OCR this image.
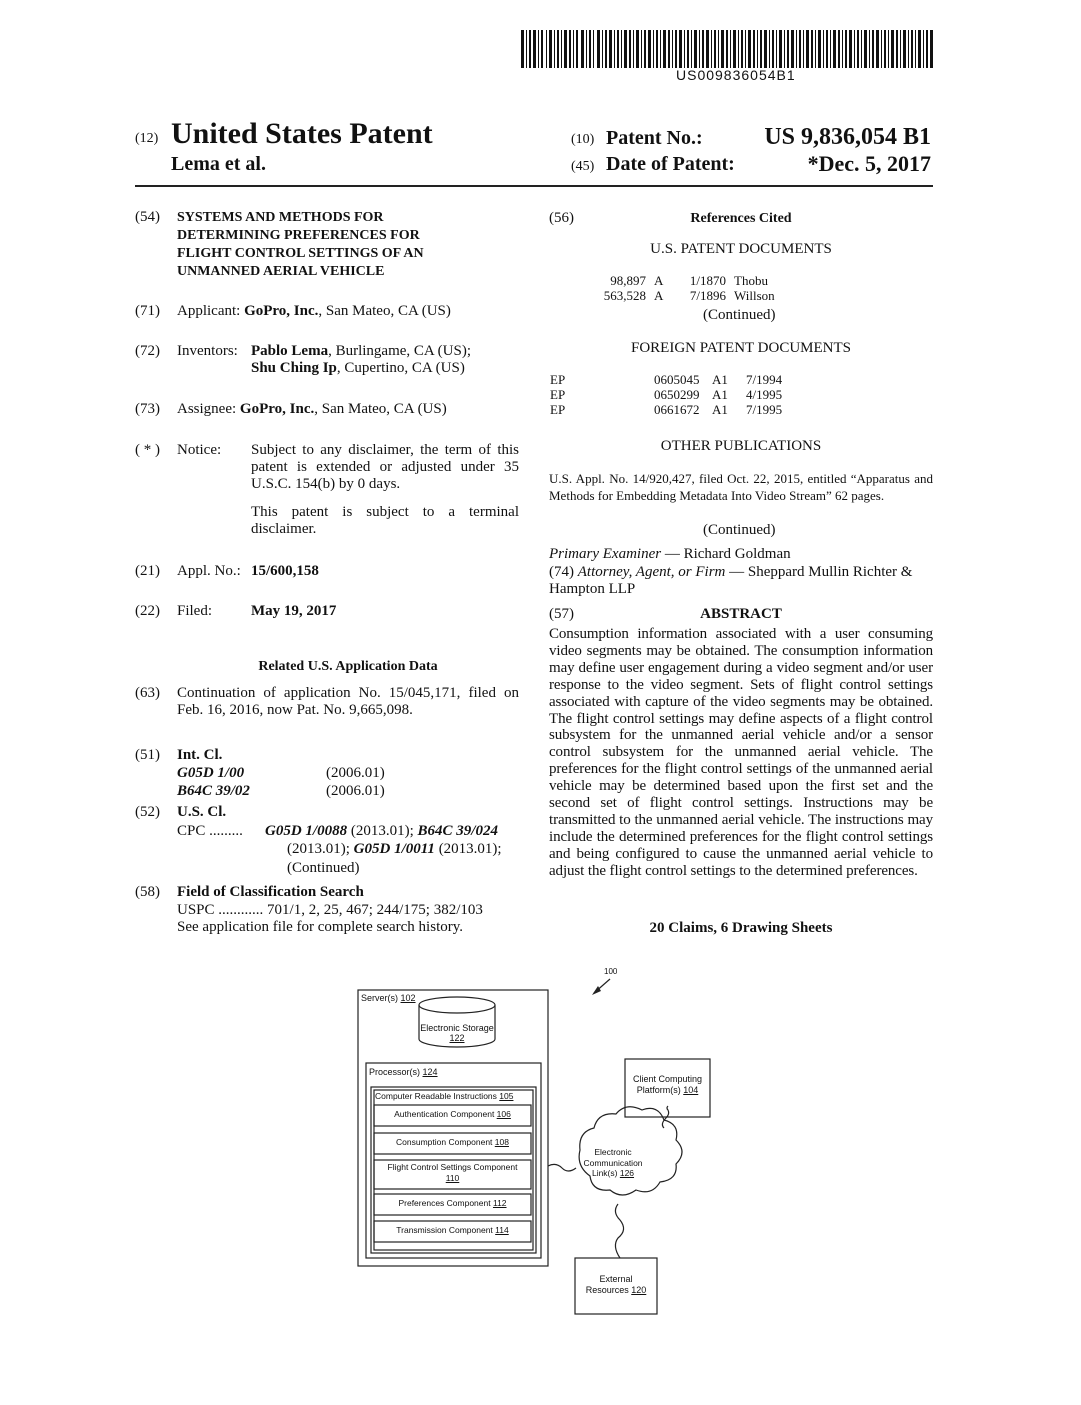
US009836054B1
(12) United States Patent
Lema et al.
(10) Patent No.:	US 9,836,054 B1
(45) Date of Patent:	*Dec. 5, 2017
(54) SYSTEMS AND METHODS FOR
DETERMINING PREFERENCES FOR
FLIGHT CONTROL SETTINGS OF AN
UNMANNED AERIAL VEHICLE
(71) Applicant: GoPro, Inc., San Mateo, CA (US)
(72) Inventors: Pablo Lema, Burlingame, CA (US);
Shu Ching Ip, Cupertino, CA (US)
(73) Assignee: GoPro, Inc., San Mateo, CA (US)
( * ) Notice: Subject to any disclaimer, the term of this patent is extended or adjusted under 35 U.S.C. 154(b) by 0 days.
This patent is subject to a terminal disclaimer.
(21) Appl. No.: 15/600,158
(22) Filed:	May 19, 2017
Related U.S. Application Data
(63) Continuation of application No. 15/045,171, filed on Feb. 16, 2016, now Pat. No. 9,665,098.
(51) Int. Cl.
G05D 1/00	(2006.01)
B64C 39/02	(2006.01)
(52) U.S. Cl.
CPC ......... G05D 1/0088 (2013.01); B64C 39/024
(2013.01); G05D 1/0011 (2013.01);
(Continued)
(58) Field of Classification Search
USPC ............ 701/1, 2, 25, 467; 244/175; 382/103
See application file for complete search history.
(56)	References Cited
U.S. PATENT DOCUMENTS
98,897	A	1/1870	Thobu
563,528	A	7/1896	Willson
(Continued)
FOREIGN PATENT DOCUMENTS
EP	0605045	A1	7/1994
EP	0650299	A1	4/1995
EP	0661672	A1	7/1995
OTHER PUBLICATIONS
U.S. Appl. No. 14/920,427, filed Oct. 22, 2015, entitled “Apparatus and Methods for Embedding Metadata Into Video Stream” 62 pages.
(Continued)
Primary Examiner — Richard Goldman
(74) Attorney, Agent, or Firm — Sheppard Mullin Richter & Hampton LLP
(57)	ABSTRACT
Consumption information associated with a user consuming video segments may be obtained. The consumption information may define user engagement during a video segment and/or user response to the video segment. Sets of flight control settings associated with capture of the video segments may be obtained. The flight control settings may define aspects of a flight control subsystem for the unmanned aerial vehicle and/or a sensor control subsystem for the unmanned aerial vehicle. The preferences for the flight control settings of the unmanned aerial vehicle may be determined based upon the first set and the second set of flight control settings. Instructions may be transmitted to the unmanned aerial vehicle. The instructions may include the determined preferences for the flight control settings and being configured to cause the unmanned aerial vehicle to adjust the flight control settings to the determined preferences.
20 Claims, 6 Drawing Sheets
100
Server(s) 102
Electronic Storage
122
Processor(s) 124
Computer Readable Instructions 105
Authentication Component 106
Consumption Component 108
Flight Control Settings Component
110
Preferences Component 112
Transmission Component 114
Client Computing
Platform(s) 104
Electronic
Communication
Link(s) 126
External
Resources 120
